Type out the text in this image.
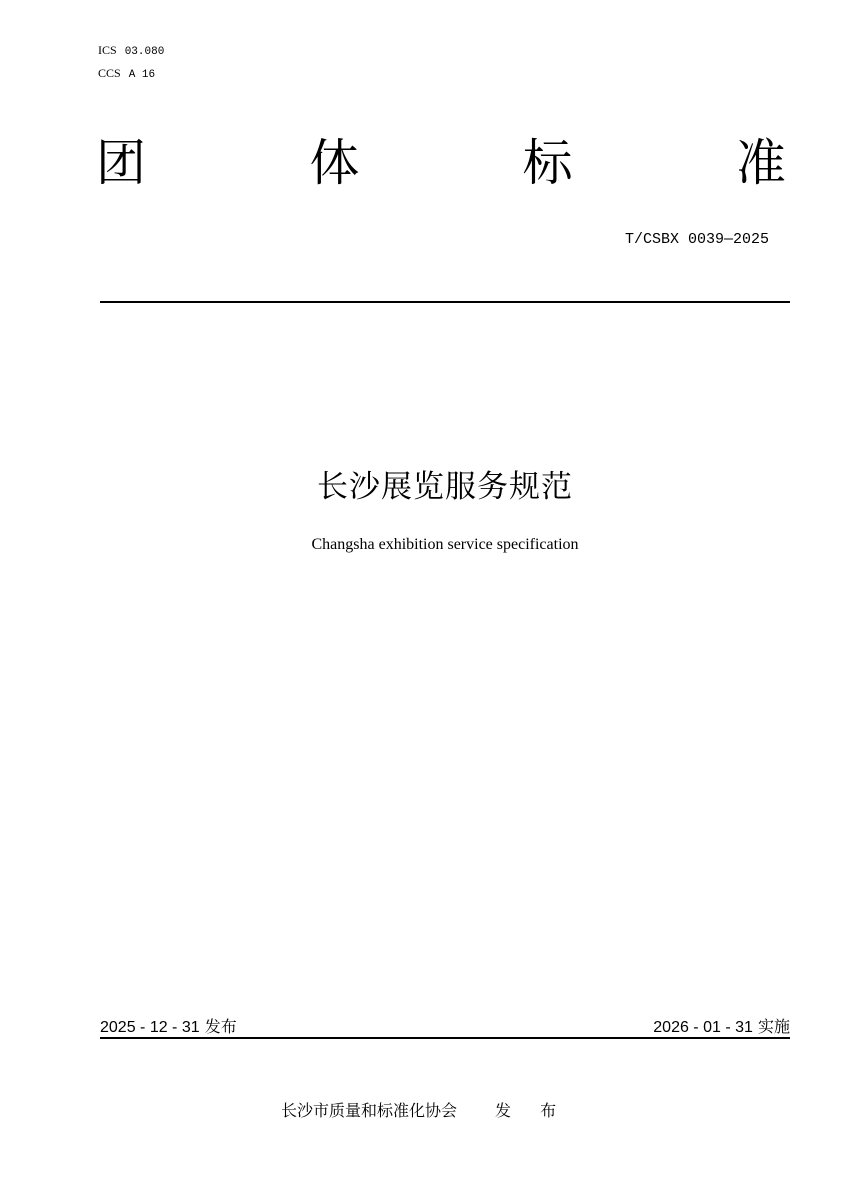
ICS 03.080
CCS A 16
团	体	标	准
T/CSBX 0039—2025
长沙展览服务规范
Changsha exhibition service specification
2025 - 12 - 31 发布	2026 - 01 - 31 实施
长沙市质量和标准化协会 发 布
